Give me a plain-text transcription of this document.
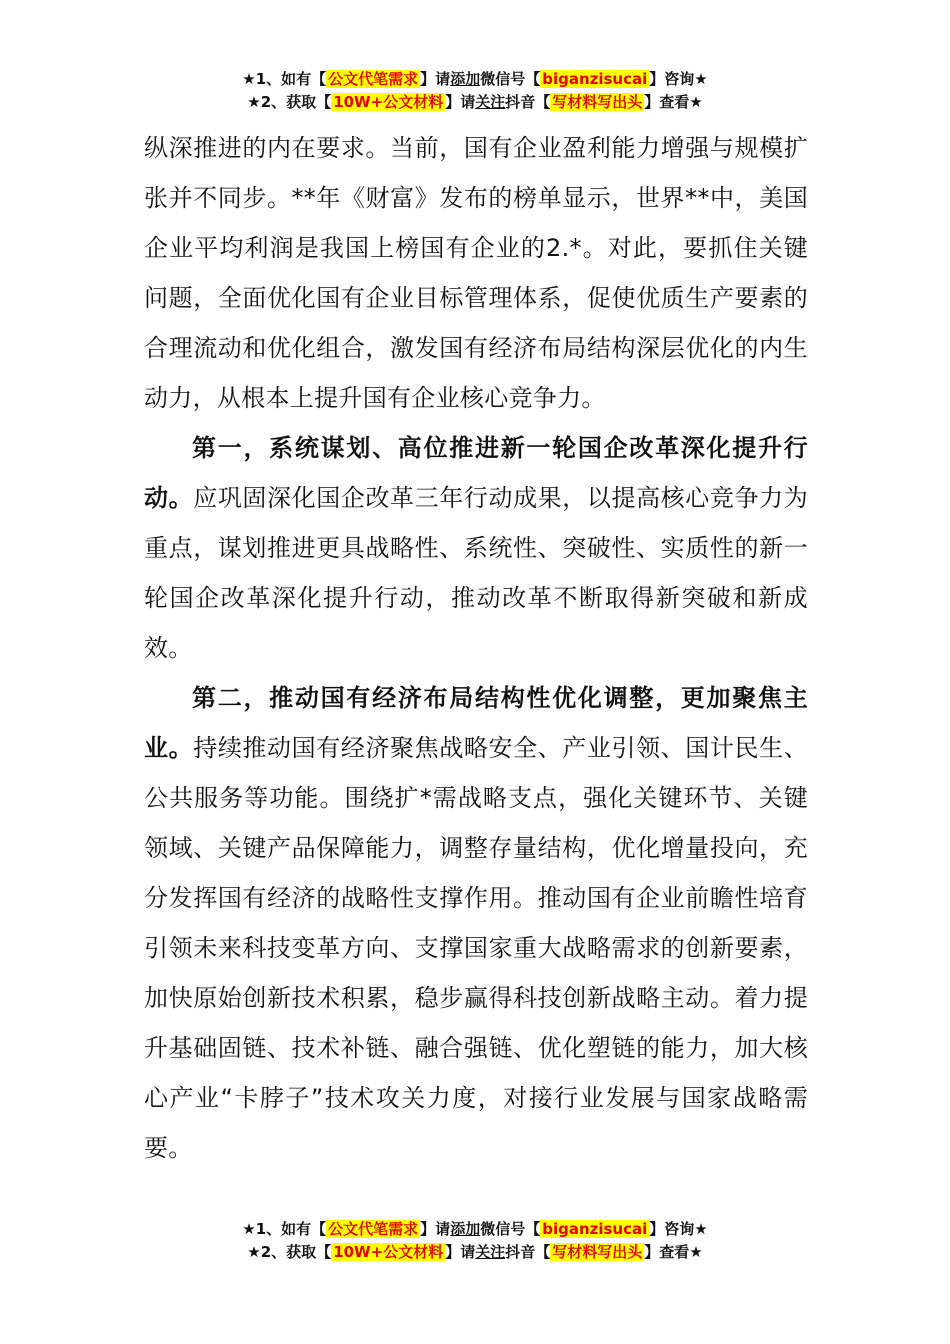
★1、如有【 公文代笔需求 】请添加微信号【 biganzisucai 】咨询★
★2、获取【 10W+公文材料 】请关注抖音【 写材料写出头 】查看★

纵深推进的内在要求。当前，国有企业盈利能力增强与规模扩张并不同步。**年《财富》发布的榜单显示，世界**中，美国企业平均利润是我国上榜国有企业的2.*。对此，要抓住关键问题，全面优化国有企业目标管理体系，促使优质生产要素的合理流动和优化组合，激发国有经济布局结构深层优化的内生动力，从根本上提升国有企业核心竞争力。

第一，系统谋划、高位推进新一轮国企改革深化提升行动。应巩固深化国企改革三年行动成果，以提高核心竞争力为重点，谋划推进更具战略性、系统性、突破性、实质性的新一轮国企改革深化提升行动，推动改革不断取得新突破和新成效。

第二，推动国有经济布局结构性优化调整，更加聚焦主业。持续推动国有经济聚焦战略安全、产业引领、国计民生、公共服务等功能。围绕扩*需战略支点，强化关键环节、关键领域、关键产品保障能力，调整存量结构，优化增量投向，充分发挥国有经济的战略性支撑作用。推动国有企业前瞻性培育引领未来科技变革方向、支撑国家重大战略需求的创新要素，加快原始创新技术积累，稳步赢得科技创新战略主动。着力提升基础固链、技术补链、融合强链、优化塑链的能力，加大核心产业“卡脖子”技术攻关力度，对接行业发展与国家战略需要。

★1、如有【 公文代笔需求 】请添加微信号【 biganzisucai 】咨询★
★2、获取【 10W+公文材料 】请关注抖音【 写材料写出头 】查看★
